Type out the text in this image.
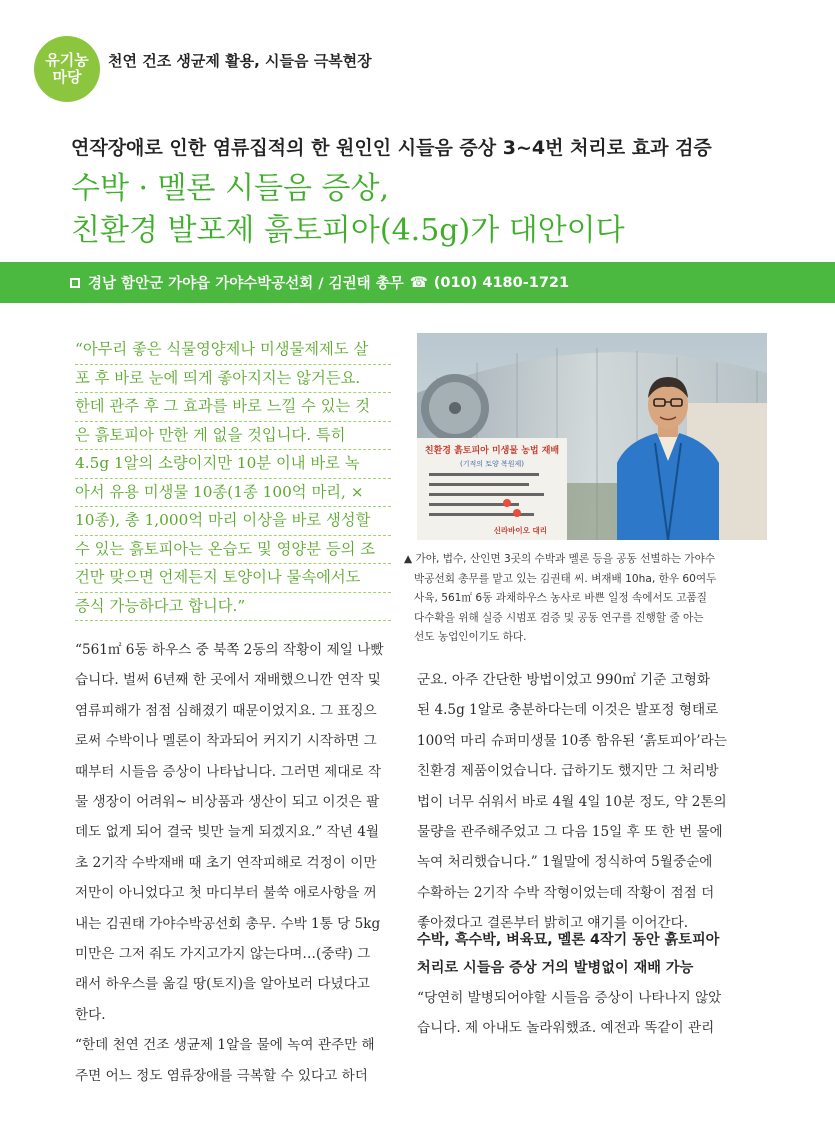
유기농
마당
천연 건조 생균제 활용, 시들음 극복현장
연작장애로 인한 염류집적의 한 원인인 시들음 증상 3~4번 처리로 효과 검증
수박 · 멜론 시들음 증상,
친환경 발포제 흙토피아(4.5g)가 대안이다
경남 함안군 가야읍 가야수박공선회 / 김권태 총무 ☎ (010) 4180-1721

“아무리 좋은 식물영양제나 미생물제제도 살

포 후 바로 눈에 띄게 좋아지지는 않거든요.

한데 관주 후 그 효과를 바로 느낄 수 있는 것

은 흙토피아 만한 게 없을 것입니다. 특히

4.5g 1알의 소량이지만 10분 이내 바로 녹

아서 유용 미생물 10종(1종 100억 마리, ×

10종), 총 1,000억 마리 이상을 바로 생성할

수 있는 흙토피아는 온습도 및 영양분 등의 조

건만 맞으면 언제든지 토양이나 물속에서도

증식 가능하다고 합니다.”

친환경 흙토피아 미생물 농법 재배
(기적의 토양 복원제)
신라바이오 대리
▲ 가야, 법수, 산인면 3곳의 수박과 멜론 등을 공동 선별하는 가야수
박공선회 총무를 맡고 있는 김권태 씨. 벼재배 10ha, 한우 60여두
사육, 561㎡ 6동 과채하우스 농사로 바쁜 일정 속에서도 고품질
다수확을 위해 실증 시범포 검증 및 공동 연구를 진행할 줄 아는
선도 농업인이기도 하다.
“561㎡ 6동 하우스 중 북쪽 2동의 작황이 제일 나빴
습니다. 벌써 6년째 한 곳에서 재배했으니깐 연작 및
염류피해가 점점 심해졌기 때문이었지요. 그 표징으
로써 수박이나 멜론이 착과되어 커지기 시작하면 그
때부터 시들음 증상이 나타납니다. 그러면 제대로 작
물 생장이 어려워~ 비상품과 생산이 되고 이것은 팔
데도 없게 되어 결국 빚만 늘게 되겠지요.” 작년 4월
초 2기작 수박재배 때 초기 연작피해로 걱정이 이만
저만이 아니었다고 첫 마디부터 불쑥 애로사항을 꺼
내는 김권태 가야수박공선회 총무. 수박 1통 당 5kg
미만은 그저 줘도 가지고가지 않는다며…(중략) 그
래서 하우스를 옮길 땅(토지)을 알아보러 다녔다고
한다.
“한데 천연 건조 생균제 1알을 물에 녹여 관주만 해
주면 어느 정도 염류장애를 극복할 수 있다고 하더
군요. 아주 간단한 방법이었고 990㎡ 기준 고형화
된 4.5g 1알로 충분하다는데 이것은 발포정 형태로
100억 마리 슈퍼미생물 10종 함유된 ‘흙토피아’라는
친환경 제품이었습니다. 급하기도 했지만 그 처리방
법이 너무 쉬워서 바로 4월 4일 10분 정도, 약 2톤의
물량을 관주해주었고 그 다음 15일 후 또 한 번 물에
녹여 처리했습니다.” 1월말에 정식하여 5월중순에
수확하는 2기작 수박 작형이었는데 작황이 점점 더
좋아졌다고 결론부터 밝히고 얘기를 이어간다.
수박, 흑수박, 벼육묘, 멜론 4작기 동안 흙토피아
처리로 시들음 증상 거의 발병없이 재배 가능
“당연히 발병되어야할 시들음 증상이 나타나지 않았
습니다. 제 아내도 놀라워했죠. 예전과 똑같이 관리
